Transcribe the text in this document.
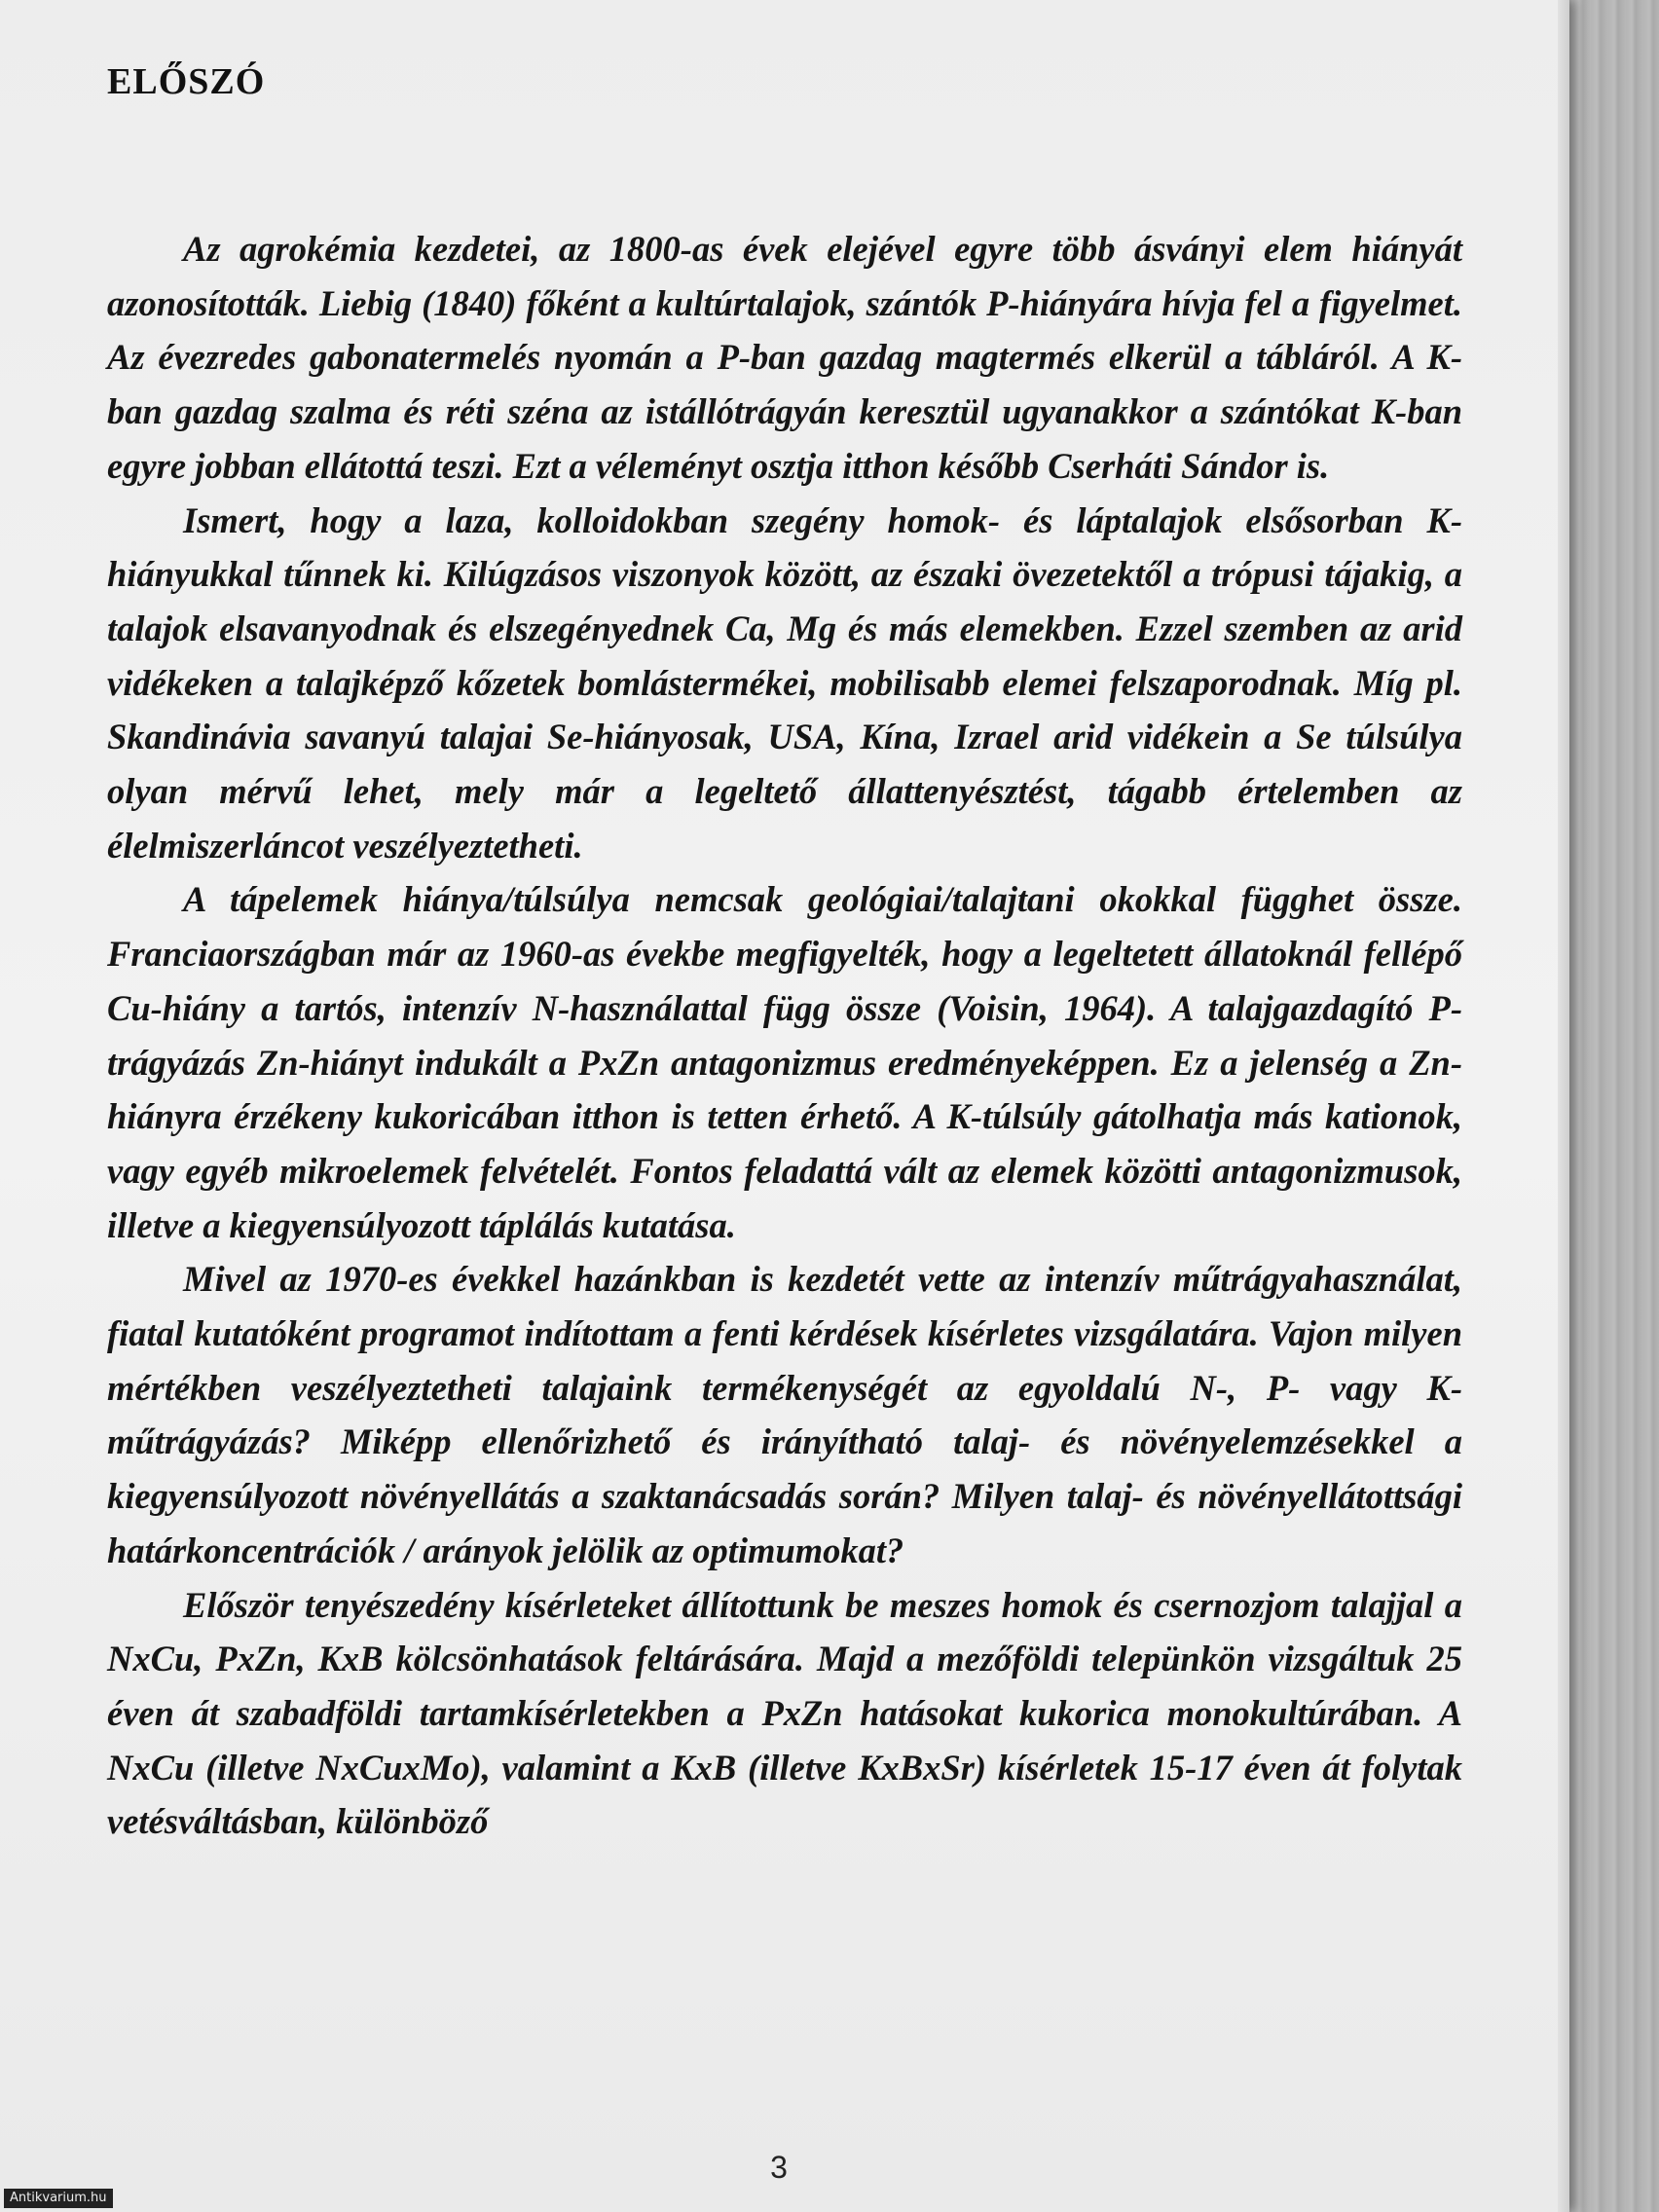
ELŐSZÓ

Az agrokémia kezdetei, az 1800-as évek elejével egyre több ásványi elem hiányát azonosították. Liebig (1840) főként a kultúrtalajok, szántók P-hiányára hívja fel a figyelmet. Az évezredes gabonatermelés nyomán a P-ban gazdag magtermés elkerül a tábláról. A K-ban gazdag szalma és réti széna az istállótrágyán keresztül ugyanakkor a szántókat K-ban egyre jobban ellátottá teszi. Ezt a véleményt osztja itthon később Cserháti Sándor is.

Ismert, hogy a laza, kolloidokban szegény homok- és láptalajok elsősorban K-hiányukkal tűnnek ki. Kilúgzásos viszonyok között, az északi övezetektől a trópusi tájakig, a talajok elsavanyodnak és elszegényednek Ca, Mg és más elemekben. Ezzel szemben az arid vidékeken a talajképző kőzetek bomlástermékei, mobilisabb elemei felszaporodnak. Míg pl. Skandinávia savanyú talajai Se-hiányosak, USA, Kína, Izrael arid vidékein a Se túlsúlya olyan mérvű lehet, mely már a legeltető állattenyésztést, tágabb értelemben az élelmiszerláncot veszélyeztetheti.

A tápelemek hiánya/túlsúlya nemcsak geológiai/talajtani okokkal függhet össze. Franciaországban már az 1960-as évekbe megfigyelték, hogy a legeltetett állatoknál fellépő Cu-hiány a tartós, intenzív N-használattal függ össze (Voisin, 1964). A talajgazdagító P-trágyázás Zn-hiányt indukált a PxZn antagonizmus eredményeképpen. Ez a jelenség a Zn-hiányra érzékeny kukoricában itthon is tetten érhető. A K-túlsúly gátolhatja más kationok, vagy egyéb mikroelemek felvételét. Fontos feladattá vált az elemek közötti antagonizmusok, illetve a kiegyensúlyozott táplálás kutatása.

Mivel az 1970-es évekkel hazánkban is kezdetét vette az intenzív műtrágyahasználat, fiatal kutatóként programot indítottam a fenti kérdések kísérletes vizsgálatára. Vajon milyen mértékben veszélyeztetheti talajaink termékenységét az egyoldalú N-, P- vagy K-műtrágyázás? Miképp ellenőrizhető és irányítható talaj- és növényelemzésekkel a kiegyensúlyozott növényellátás a szaktanácsadás során? Milyen talaj- és növényellátottsági határkoncentrációk / arányok jelölik az optimumokat?

Először tenyészedény kísérleteket állítottunk be meszes homok és csernozjom talajjal a NxCu, PxZn, KxB kölcsönhatások feltárására. Majd a mezőföldi telepünkön vizsgáltuk 25 éven át szabadföldi tartamkísérletekben a PxZn hatásokat kukorica monokultúrában. A NxCu (illetve NxCuxMo), valamint a KxB (illetve KxBxSr) kísérletek 15-17 éven át folytak vetésváltásban, különböző

3
Antikvarium.hu
